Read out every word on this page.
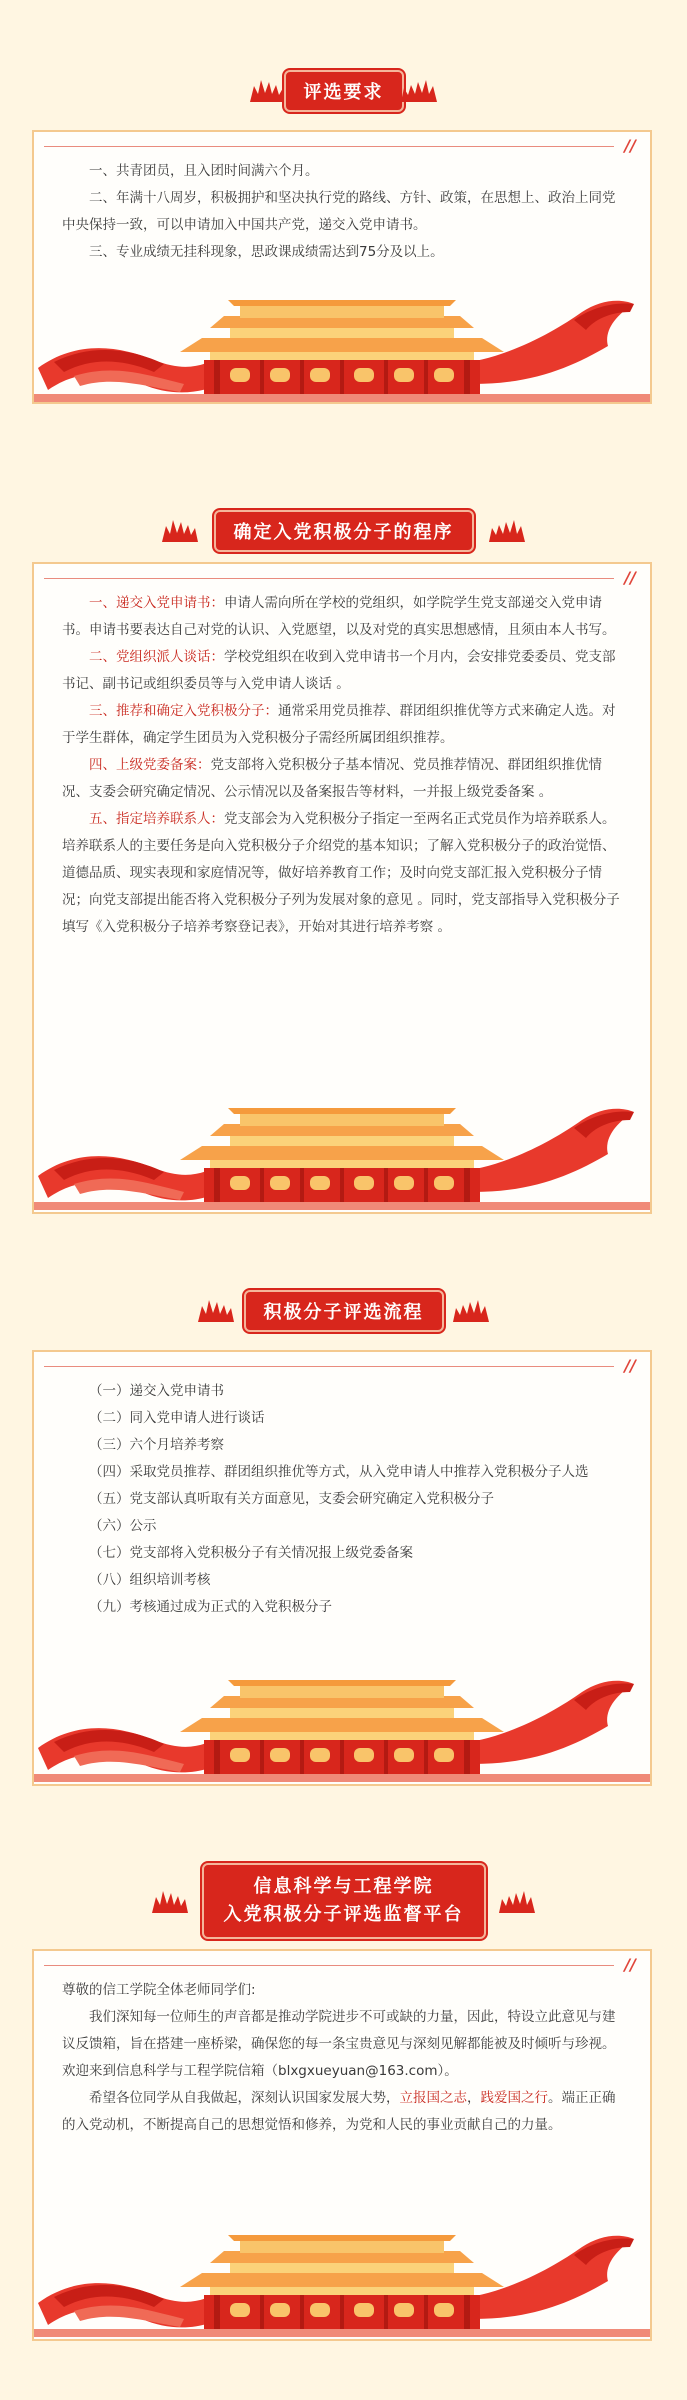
评选要求
//

一、共青团员，且入团时间满六个月。

二、年满十八周岁，积极拥护和坚决执行党的路线、方针、政策，在思想上、政治上同党中央保持一致，可以申请加入中国共产党，递交入党申请书。

三、专业成绩无挂科现象，思政课成绩需达到75分及以上。

确定入党积极分子的程序
//

一、递交入党申请书：申请人需向所在学校的党组织，如学院学生党支部递交入党申请书。申请书要表达自己对党的认识、入党愿望，以及对党的真实思想感情，且须由本人书写。

二、党组织派人谈话：学校党组织在收到入党申请书一个月内，会安排党委委员、党支部书记、副书记或组织委员等与入党申请人谈话 。

三、推荐和确定入党积极分子：通常采用党员推荐、群团组织推优等方式来确定人选。对于学生群体，确定学生团员为入党积极分子需经所属团组织推荐。

四、上级党委备案：党支部将入党积极分子基本情况、党员推荐情况、群团组织推优情况、支委会研究确定情况、公示情况以及备案报告等材料，一并报上级党委备案 。

五、指定培养联系人：党支部会为入党积极分子指定一至两名正式党员作为培养联系人。培养联系人的主要任务是向入党积极分子介绍党的基本知识；了解入党积极分子的政治觉悟、道德品质、现实表现和家庭情况等，做好培养教育工作；及时向党支部汇报入党积极分子情况；向党支部提出能否将入党积极分子列为发展对象的意见 。同时，党支部指导入党积极分子填写《入党积极分子培养考察登记表》，开始对其进行培养考察 。

积极分子评选流程
//

（一）递交入党申请书

（二）同入党申请人进行谈话

（三）六个月培养考察

（四）采取党员推荐、群团组织推优等方式，从入党申请人中推荐入党积极分子人选

（五）党支部认真听取有关方面意见，支委会研究确定入党积极分子

（六）公示

（七）党支部将入党积极分子有关情况报上级党委备案

（八）组织培训考核

（九）考核通过成为正式的入党积极分子

信息科学与工程学院
入党积极分子评选监督平台
//

尊敬的信工学院全体老师同学们:

我们深知每一位师生的声音都是推动学院进步不可或缺的力量，因此，特设立此意见与建议反馈箱，旨在搭建一座桥梁，确保您的每一条宝贵意见与深刻见解都能被及时倾听与珍视。欢迎来到信息科学与工程学院信箱（blxgxueyuan@163.com）。

希望各位同学从自我做起，深刻认识国家发展大势，立报国之志，践爱国之行。端正正确的入党动机，不断提高自己的思想觉悟和修养，为党和人民的事业贡献自己的力量。
